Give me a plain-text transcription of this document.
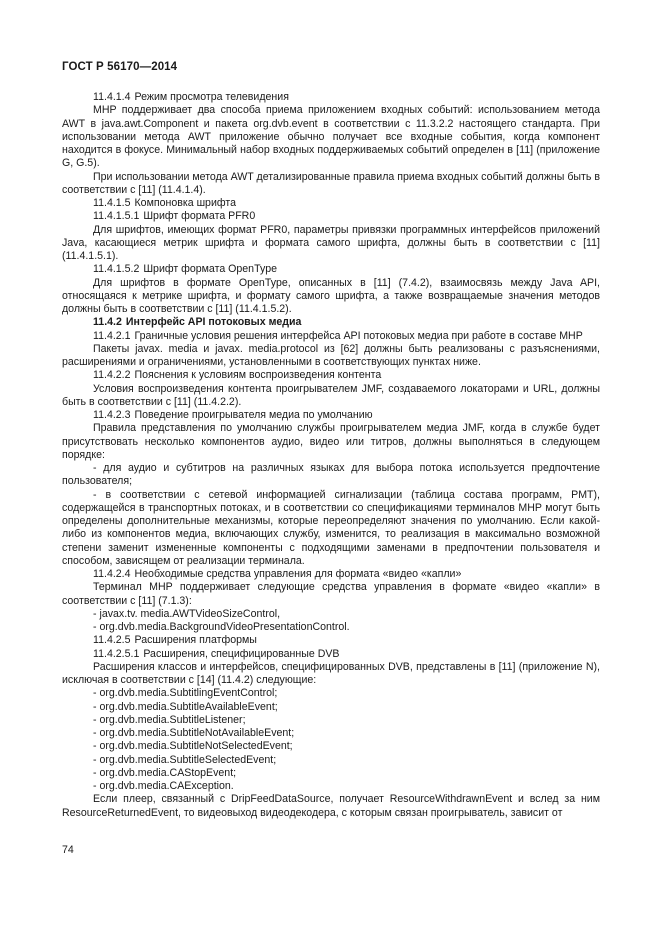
ГОСТ Р 56170—2014

11.4.1.4 Режим просмотра телевидения

MHP поддерживает два способа приема приложением входных событий: использованием метода AWT в java.awt.Component и пакета org.dvb.event в соответствии с 11.3.2.2 настоящего стандарта. При использовании метода AWT приложение обычно получает все входные события, когда компонент находится в фокусе. Минимальный набор входных поддерживаемых событий определен в [11] (приложение G, G.5).

При использовании метода AWT детализированные правила приема входных событий должны быть в соответствии с [11] (11.4.1.4).

11.4.1.5 Компоновка шрифта

11.4.1.5.1 Шрифт формата PFR0

Для шрифтов, имеющих формат PFR0, параметры привязки программных интерфейсов приложений Java, касающиеся метрик шрифта и формата самого шрифта, должны быть в соответствии с [11] (11.4.1.5.1).

11.4.1.5.2 Шрифт формата OpenType

Для шрифтов в формате OpenType, описанных в [11] (7.4.2), взаимосвязь между Java API, относящаяся к метрике шрифта, и формату самого шрифта, а также возвращаемые значения методов должны быть в соответствии с [11] (11.4.1.5.2).

11.4.2 Интерфейс API потоковых медиа

11.4.2.1 Граничные условия решения интерфейса API потоковых медиа при работе в составе MHP

Пакеты javax. media и javax. media.protocol из [62] должны быть реализованы с разъяснениями, расширениями и ограничениями, установленными в соответствующих пунктах ниже.

11.4.2.2 Пояснения к условиям воспроизведения контента

Условия воспроизведения контента проигрывателем JMF, создаваемого локаторами и URL, должны быть в соответствии с [11] (11.4.2.2).

11.4.2.3 Поведение проигрывателя медиа по умолчанию

Правила представления по умолчанию службы проигрывателем медиа JMF, когда в службе будет присутствовать несколько компонентов аудио, видео или титров, должны выполняться в следующем порядке:

- для аудио и субтитров на различных языках для выбора потока используется предпочтение пользователя;

- в соответствии с сетевой информацией сигнализации (таблица состава программ, PMT), содержащейся в транспортных потоках, и в соответствии со спецификациями терминалов MHP могут быть определены дополнительные механизмы, которые переопределяют значения по умолчанию. Если какой-либо из компонентов медиа, включающих службу, изменится, то реализация в максимально возможной степени заменит измененные компоненты с подходящими заменами в предпочтении пользователя и способом, зависящем от реализации терминала.

11.4.2.4 Необходимые средства управления для формата «видео «капли»

Терминал MHP поддерживает следующие средства управления в формате «видео «капли» в соответствии с [11] (7.1.3):

- javax.tv. media.AWTVideoSizeControl,

- org.dvb.media.BackgroundVideoPresentationControl.

11.4.2.5 Расширения платформы

11.4.2.5.1 Расширения, специфицированные DVB

Расширения классов и интерфейсов, специфицированных DVB, представлены в [11] (приложение N), исключая в соответствии с [14] (11.4.2) следующие:

- org.dvb.media.SubtitlingEventControl;

- org.dvb.media.SubtitleAvailableEvent;

- org.dvb.media.SubtitleListener;

- org.dvb.media.SubtitleNotAvailableEvent;

- org.dvb.media.SubtitleNotSelectedEvent;

- org.dvb.media.SubtitleSelectedEvent;

- org.dvb.media.CAStopEvent;

- org.dvb.media.CAException.

Если плеер, связанный с DripFeedDataSource, получает ResourceWithdrawnEvent и вслед за ним ResourceReturnedEvent, то видеовыход видеодекодера, с которым связан проигрыватель, зависит от

74
